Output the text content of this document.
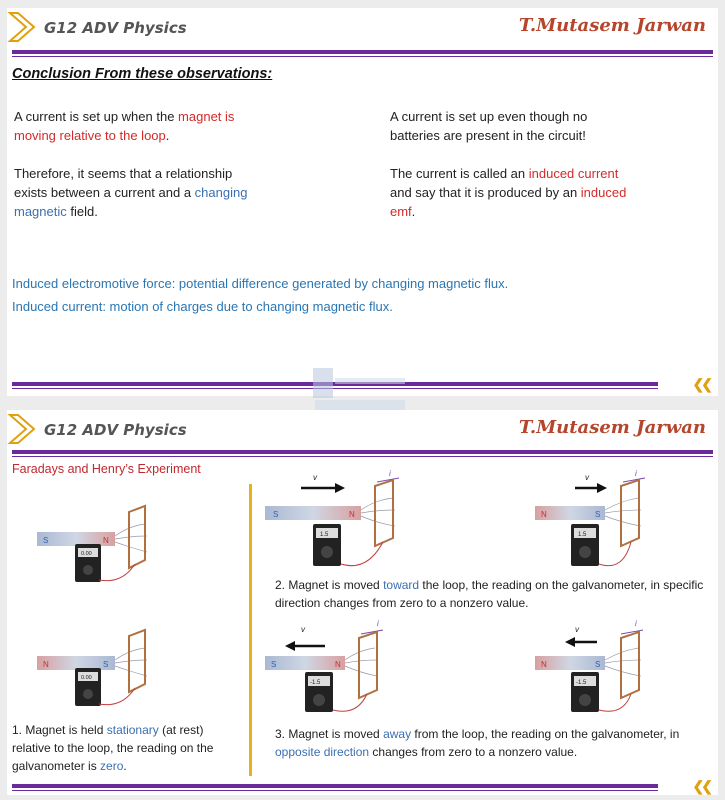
G12 ADV Physics	T.Mutasem Jarwan
Conclusion From these observations:
A current is set up when the magnet is moving relative to the loop.
Therefore, it seems that a relationship exists between a current and a changing magnetic field.
A current is set up even though no batteries are present in the circuit!
The current is called an induced current and say that it is produced by an induced emf.
Induced electromotive force: potential difference generated by changing magnetic flux.
Induced current: motion of charges due to changing magnetic flux.
❮❮
G12 ADV Physics	T.Mutasem Jarwan
Faradays and Henry’s Experiment
S	N
0.00
N	S
0.00
v
S	N
i
1.5
v
N	S
i
1.5
2. Magnet is moved toward the loop, the reading on the galvanometer, in specific direction changes from zero to a nonzero value.
v
S	N
i
-1.5
v
N	S
i
-1.5
1. Magnet is held stationary (at rest) relative to the loop, the reading on the galvanometer is zero.
3. Magnet is moved away from the loop, the reading on the galvanometer, in opposite direction changes from zero to a nonzero value.
❮❮
